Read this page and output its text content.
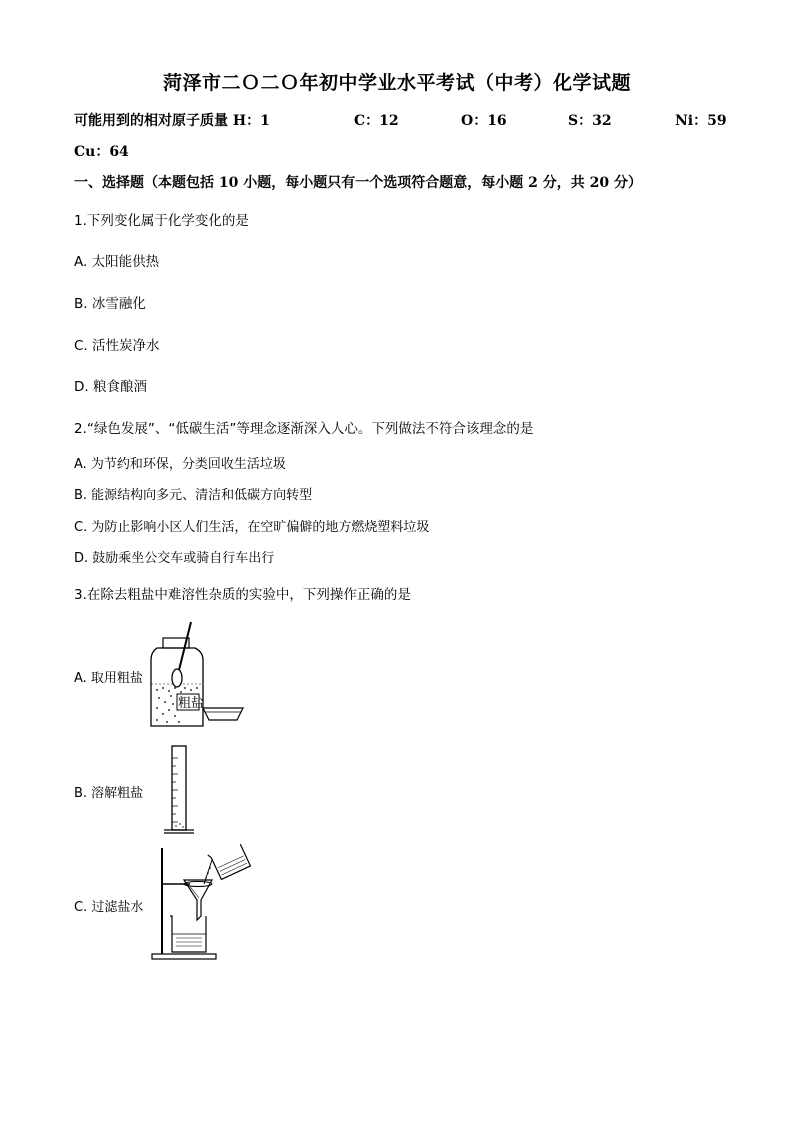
菏泽市二Ｏ二Ｏ年初中学业水平考试（中考）化学试题
可能用到的相对原子质量 H：1	C：12	O：16	S：32	Ni：59
Cu：64
一、选择题（本题包括 10 小题，每小题只有一个选项符合题意，每小题 2 分，共 20 分）
1.下列变化属于化学变化的是
A. 太阳能供热
B. 冰雪融化
C. 活性炭净水
D. 粮食酿酒
2.“绿色发展”、“低碳生活”等理念逐渐深入人心。下列做法不符合该理念的是
A. 为节约和环保，分类回收生活垃圾
B. 能源结构向多元、清洁和低碳方向转型
C. 为防止影响小区人们生活，在空旷偏僻的地方燃烧塑料垃圾
D. 鼓励乘坐公交车或骑自行车出行
3.在除去粗盐中难溶性杂质的实验中，下列操作正确的是
A. 取用粗盐
B. 溶解粗盐
C. 过滤盐水
粗盐
